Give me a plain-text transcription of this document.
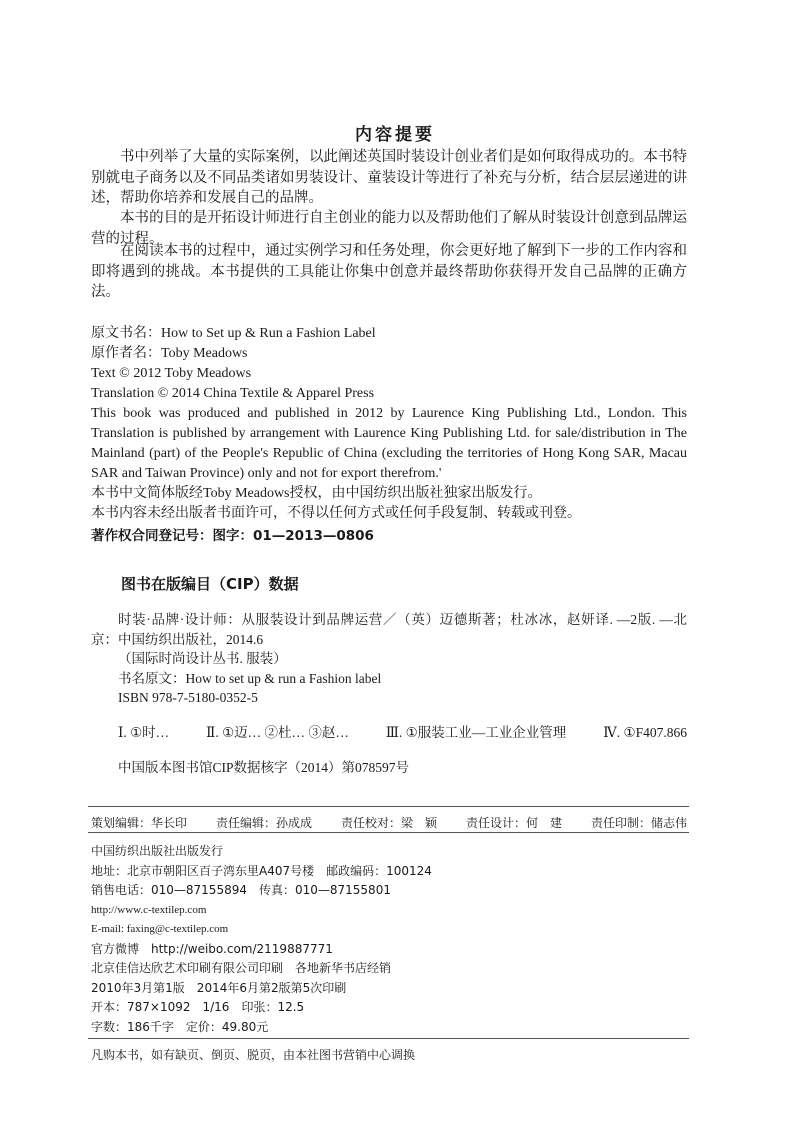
内容提要

书中列举了大量的实际案例，以此阐述英国时装设计创业者们是如何取得成功的。本书特别就电子商务以及不同品类诸如男装设计、童装设计等进行了补充与分析，结合层层递进的讲述，帮助你培养和发展自己的品牌。

本书的目的是开拓设计师进行自主创业的能力以及帮助他们了解从时装设计创意到品牌运营的过程。

在阅读本书的过程中，通过实例学习和任务处理，你会更好地了解到下一步的工作内容和即将遇到的挑战。本书提供的工具能让你集中创意并最终帮助你获得开发自己品牌的正确方法。

原文书名：How to Set up & Run a Fashion Label
原作者名：Toby Meadows
Text © 2012 Toby Meadows
Translation © 2014 China Textile & Apparel Press
This book was produced and published in 2012 by Laurence King Publishing Ltd., London. This Translation is published by arrangement with Laurence King Publishing Ltd. for sale/distribution in The Mainland (part) of the People's Republic of China (excluding the territories of Hong Kong SAR, Macau SAR and Taiwan Province) only and not for export therefrom.'
本书中文简体版经Toby Meadows授权，由中国纺织出版社独家出版发行。
本书内容未经出版者书面许可，不得以任何方式或任何手段复制、转载或刊登。
著作权合同登记号：图字：01—2013—0806
图书在版编目（CIP）数据
时装·品牌·设计师：从服装设计到品牌运营／（英）迈德斯著；杜冰冰，赵妍译. —2版. —北京：中国纺织出版社，2014.6
（国际时尚设计丛书. 服装）
书名原文：How to set up & run a Fashion label
ISBN 978-7-5180-0352-5
Ⅰ. ①时…	Ⅱ. ①迈… ②杜… ③赵…	Ⅲ. ①服装工业—工业企业管理	Ⅳ. ①F407.866
中国版本图书馆CIP数据核字（2014）第078597号
策划编辑：华长印 责任编辑：孙成成 责任校对：梁　颖 责任设计：何　建 责任印制：储志伟
中国纺织出版社出版发行
地址：北京市朝阳区百子湾东里A407号楼　邮政编码：100124
销售电话：010—87155894　传真：010—87155801
http://www.c-textilep.com
E-mail: faxing@c-textilep.com
官方微博　http://weibo.com/2119887771
北京佳信达欣艺术印刷有限公司印刷　各地新华书店经销
2010年3月第1版　2014年6月第2版第5次印刷
开本：787×1092　1/16　印张：12.5
字数：186千字　定价：49.80元
凡购本书，如有缺页、倒页、脱页，由本社图书营销中心调换
